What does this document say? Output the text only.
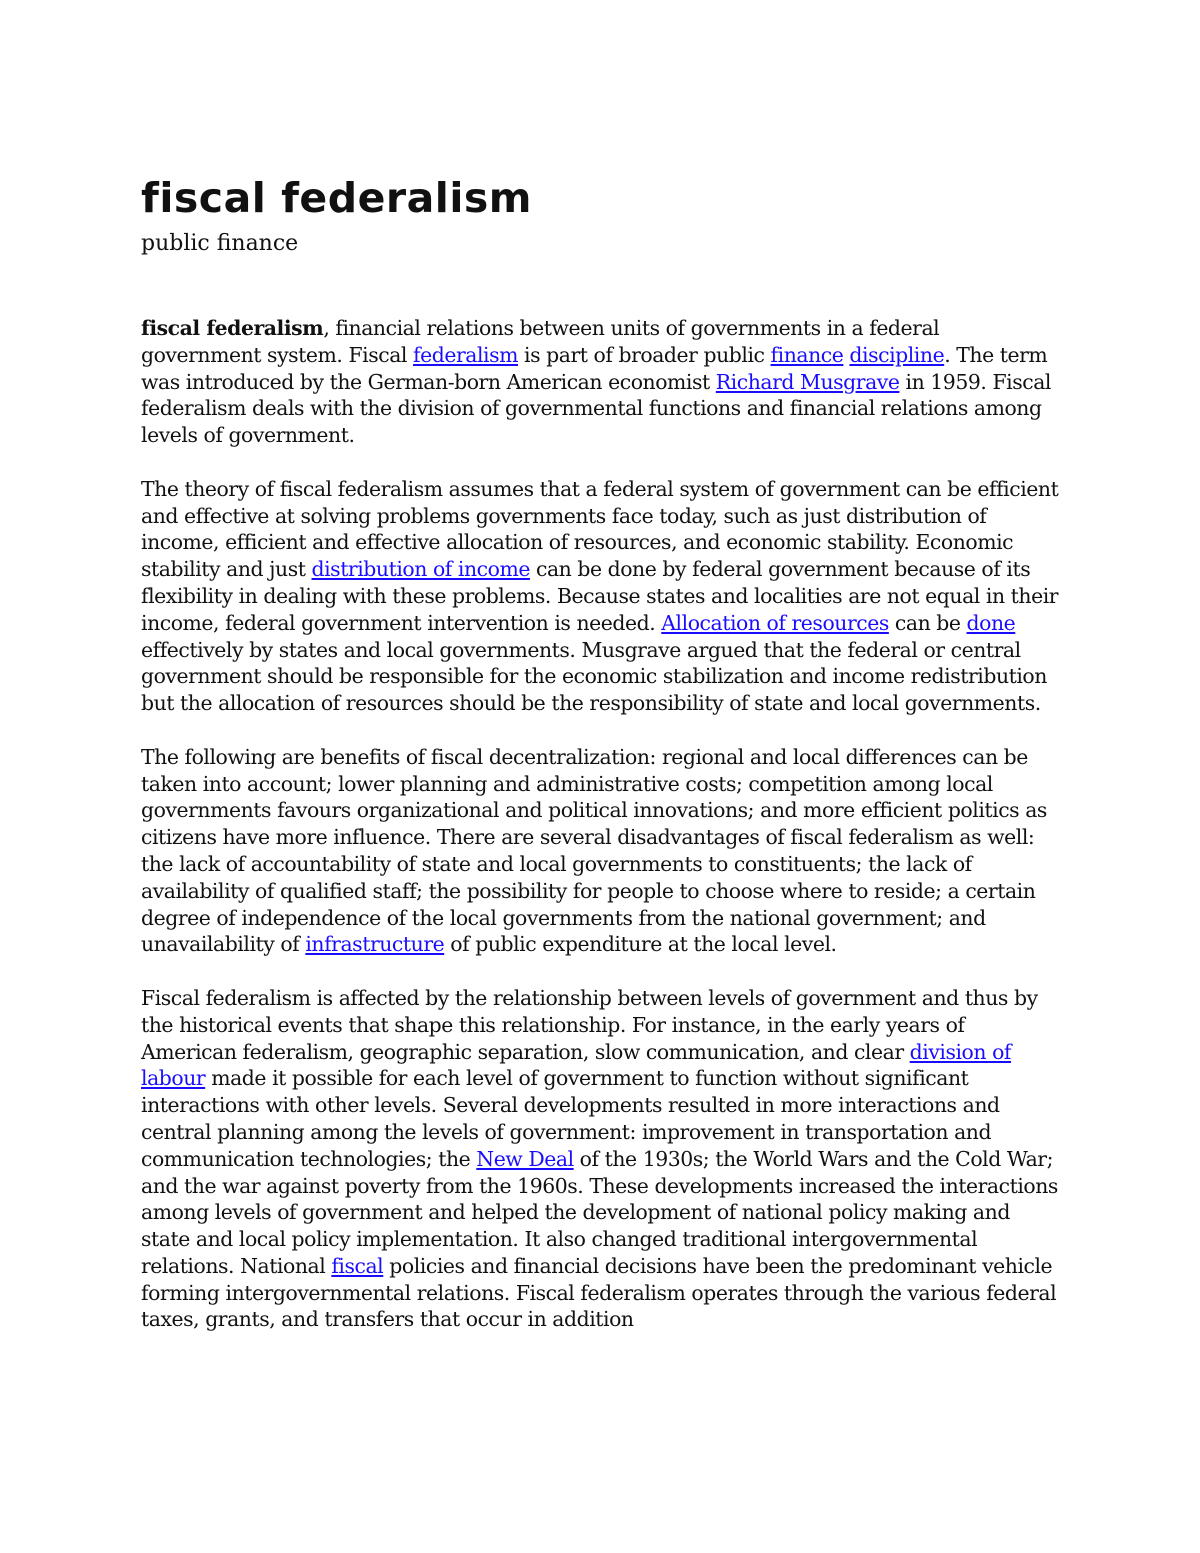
fiscal federalism
public finance

fiscal federalism, financial relations between units of governments in a federal government system. Fiscal federalism is part of broader public finance discipline. The term was introduced by the German-born American economist Richard Musgrave in 1959. Fiscal federalism deals with the division of governmental functions and financial relations among levels of government.

The theory of fiscal federalism assumes that a federal system of government can be efficient and effective at solving problems governments face today, such as just distribution of income, efficient and effective allocation of resources, and economic stability. Economic stability and just distribution of income can be done by federal government because of its flexibility in dealing with these problems. Because states and localities are not equal in their income, federal government intervention is needed. Allocation of resources can be done effectively by states and local governments. Musgrave argued that the federal or central government should be responsible for the economic stabilization and income redistribution but the allocation of resources should be the responsibility of state and local governments.

The following are benefits of fiscal decentralization: regional and local differences can be taken into account; lower planning and administrative costs; competition among local governments favours organizational and political innovations; and more efficient politics as citizens have more influence. There are several disadvantages of fiscal federalism as well: the lack of accountability of state and local governments to constituents; the lack of availability of qualified staff; the possibility for people to choose where to reside; a certain degree of independence of the local governments from the national government; and unavailability of infrastructure of public expenditure at the local level.

Fiscal federalism is affected by the relationship between levels of government and thus by the historical events that shape this relationship. For instance, in the early years of American federalism, geographic separation, slow communication, and clear division of labour made it possible for each level of government to function without significant interactions with other levels. Several developments resulted in more interactions and central planning among the levels of government: improvement in transportation and communication technologies; the New Deal of the 1930s; the World Wars and the Cold War; and the war against poverty from the 1960s. These developments increased the interactions among levels of government and helped the development of national policy making and state and local policy implementation. It also changed traditional intergovernmental relations. National fiscal policies and financial decisions have been the predominant vehicle forming intergovernmental relations. Fiscal federalism operates through the various federal taxes, grants, and transfers that occur in addition
